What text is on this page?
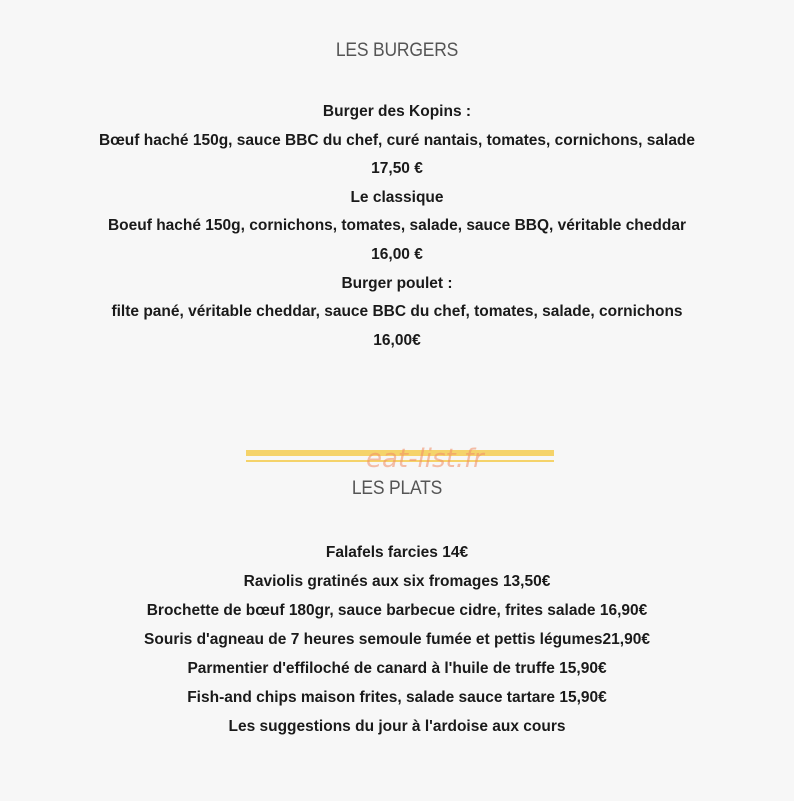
LES BURGERS
Burger des Kopins :
Bœuf haché 150g, sauce BBC du chef, curé nantais, tomates, cornichons, salade
17,50 €
Le classique
Boeuf haché 150g, cornichons, tomates, salade, sauce BBQ, véritable cheddar
16,00 €
Burger poulet :
filte pané, véritable cheddar, sauce BBC du chef, tomates, salade, cornichons
16,00€
eat-list.fr
LES PLATS
Falafels farcies 14€
Raviolis gratinés aux six fromages 13,50€
Brochette de bœuf 180gr, sauce barbecue cidre, frites salade 16,90€
Souris d'agneau de 7 heures semoule fumée et pettis légumes21,90€
Parmentier d'effiloché de canard à l'huile de truffe 15,90€
Fish-and chips maison frites, salade sauce tartare 15,90€
Les suggestions du jour à l'ardoise aux cours
